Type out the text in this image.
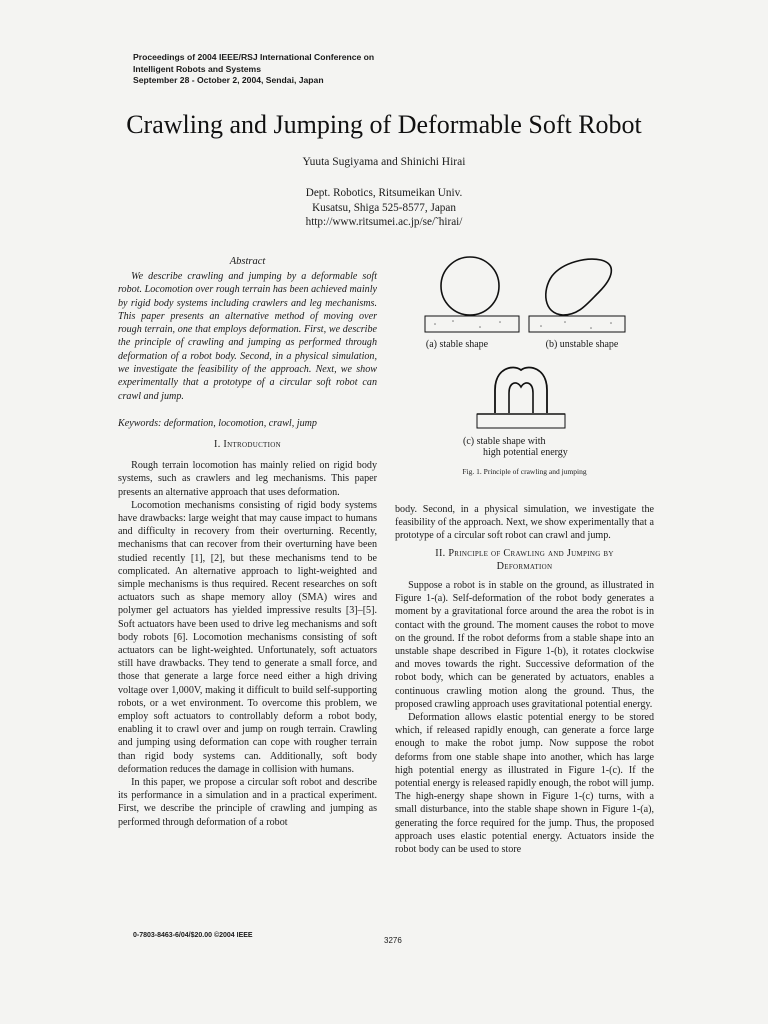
Proceedings of 2004 IEEE/RSJ International Conference on
Intelligent Robots and Systems
September 28 - October 2, 2004, Sendai, Japan
Crawling and Jumping of Deformable Soft Robot
Yuuta Sugiyama and Shinichi Hirai
Dept. Robotics, Ritsumeikan Univ.
Kusatsu, Shiga 525-8577, Japan
http://www.ritsumei.ac.jp/se/˜hirai/
Abstract

We describe crawling and jumping by a deformable soft robot. Locomotion over rough terrain has been achieved mainly by rigid body systems including crawlers and leg mechanisms. This paper presents an alternative method of moving over rough terrain, one that employs deformation. First, we describe the principle of crawling and jumping as performed through deformation of a robot body. Second, in a physical simulation, we investigate the feasibility of the approach. Next, we show experimentally that a prototype of a circular soft robot can crawl and jump.

Keywords: deformation, locomotion, crawl, jump
I. Introduction

Rough terrain locomotion has mainly relied on rigid body systems, such as crawlers and leg mechanisms. This paper presents an alternative approach that uses deformation.

Locomotion mechanisms consisting of rigid body systems have drawbacks: large weight that may cause impact to humans and difficulty in recovery from their overturning. Recently, mechanisms that can recover from their overturning have been studied recently [1], [2], but these mechanisms tend to be complicated. An alternative approach to light-weighted and simple mechanisms is thus required. Recent researches on soft actuators such as shape memory alloy (SMA) wires and polymer gel actuators has yielded impressive results [3]–[5]. Soft actuators have been used to drive leg mechanisms and soft body robots [6]. Locomotion mechanisms consisting of soft actuators can be light-weighted. Unfortunately, soft actuators still have drawbacks. They tend to generate a small force, and those that generate a large force need either a high driving voltage over 1,000V, making it difficult to build self-supporting robots, or a wet environment. To overcome this problem, we employ soft actuators to controllably deform a robot body, enabling it to crawl over and jump on rough terrain. Crawling and jumping using deformation can cope with rougher terrain than rigid body systems can. Additionally, soft body deformation reduces the damage in collision with humans.

In this paper, we propose a circular soft robot and describe its performance in a simulation and in a practical experiment. First, we describe the principle of crawling and jumping as performed through deformation of a robot

(a) stable shape	(b) unstable shape
(c) stable shape with
high potential energy
Fig. 1. Principle of crawling and jumping

body. Second, in a physical simulation, we investigate the feasibility of the approach. Next, we show experimentally that a prototype of a circular soft robot can crawl and jump.

II. Principle of Crawling and Jumping by
Deformation

Suppose a robot is in stable on the ground, as illustrated in Figure 1-(a). Self-deformation of the robot body generates a moment by a gravitational force around the area the robot is in contact with the ground. The moment causes the robot to move on the ground. If the robot deforms from a stable shape into an unstable shape described in Figure 1-(b), it rotates clockwise and moves towards the right. Successive deformation of the robot body, which can be generated by actuators, enables a continuous crawling motion along the ground. Thus, the proposed crawling approach uses gravitational potential energy.

Deformation allows elastic potential energy to be stored which, if released rapidly enough, can generate a force large enough to make the robot jump. Now suppose the robot deforms from one stable shape into another, which has large high potential energy as illustrated in Figure 1-(c). If the potential energy is released rapidly enough, the robot will jump. The high-energy shape shown in Figure 1-(c) turns, with a small disturbance, into the stable shape shown in Figure 1-(a), generating the force required for the jump. Thus, the proposed approach uses elastic potential energy. Actuators inside the robot body can be used to store

0-7803-8463-6/04/$20.00 ©2004 IEEE
3276
